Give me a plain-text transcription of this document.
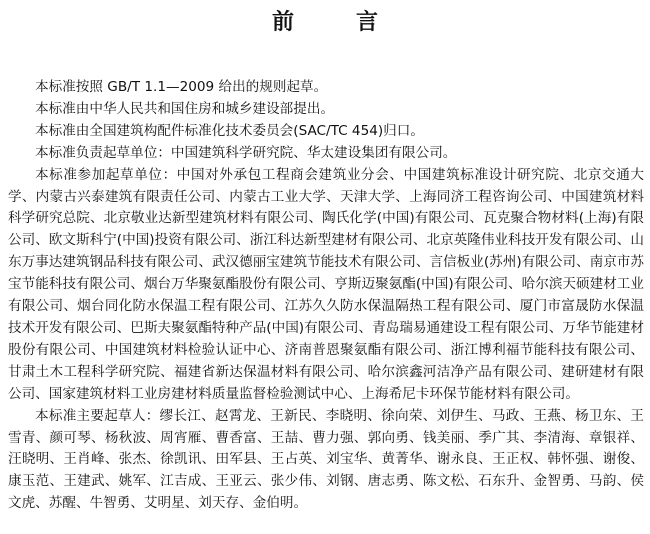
前　言

本标准按照 GB/T 1.1—2009 给出的规则起草。

本标准由中华人民共和国住房和城乡建设部提出。

本标准由全国建筑构配件标准化技术委员会(SAC/TC 454)归口。

本标准负责起草单位：中国建筑科学研究院、华太建设集团有限公司。

本标准参加起草单位：中国对外承包工程商会建筑业分会、中国建筑标准设计研究院、北京交通大学、内蒙古兴泰建筑有限责任公司、内蒙古工业大学、天津大学、上海同济工程咨询公司、中国建筑材料科学研究总院、北京敬业达新型建筑材料有限公司、陶氏化学(中国)有限公司、瓦克聚合物材料(上海)有限公司、欧文斯科宁(中国)投资有限公司、浙江科达新型建材有限公司、北京英隆伟业科技开发有限公司、山东万事达建筑钢品科技有限公司、武汉德丽宝建筑节能技术有限公司、言信板业(苏州)有限公司、南京市苏宝节能科技有限公司、烟台万华聚氨酯股份有限公司、亨斯迈聚氨酯(中国)有限公司、哈尔滨天硕建材工业有限公司、烟台同化防水保温工程有限公司、江苏久久防水保温隔热工程有限公司、厦门市富晟防水保温技术开发有限公司、巴斯夫聚氨酯特种产品(中国)有限公司、青岛瑞易通建设工程有限公司、万华节能建材股份有限公司、中国建筑材料检验认证中心、济南普恩聚氨酯有限公司、浙江博利福节能科技有限公司、甘肃土木工程科学研究院、福建省新达保温材料有限公司、哈尔滨鑫河洁净产品有限公司、建研建材有限公司、国家建筑材料工业房建材料质量监督检验测试中心、上海希尼卡环保节能材料有限公司。

本标准主要起草人：缪长江、赵霄龙、王新民、李晓明、徐向荣、刘伊生、马政、王燕、杨卫东、王雪青、颜可琴、杨秋波、周宵雁、曹香富、王喆、曹力强、郭向勇、钱美丽、季广其、李清海、章银祥、汪晓明、王肖峰、张杰、徐凯讯、田军县、王占英、刘宝华、黄菁华、谢永良、王正权、韩怀强、谢俊、康玉范、王建武、姚军、江吉成、王亚云、张少伟、刘钢、唐志勇、陈文松、石东升、金智勇、马韵、侯文虎、苏醒、牛智勇、艾明星、刘天存、金伯明。
